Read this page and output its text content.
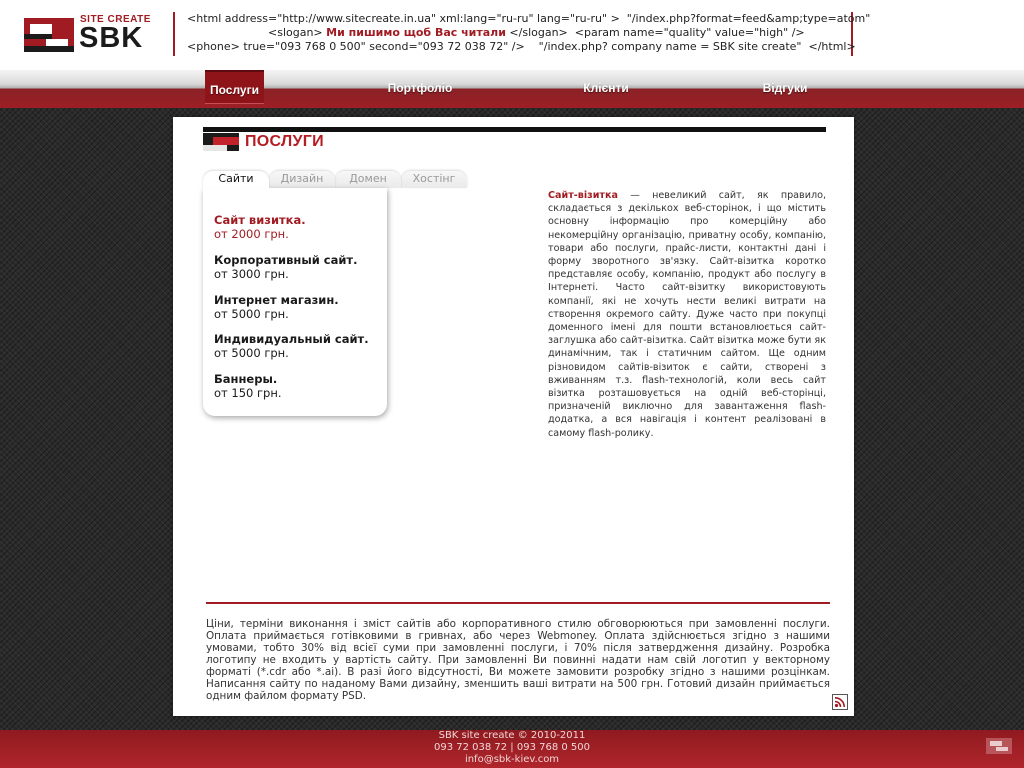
SITE CREATE
SBK
<html address="http://www.sitecreate.in.ua" xml:lang="ru-ru" lang="ru-ru" >  "/index.php?format=feed&amp;type=atom"
<slogan> Ми пишимо щоб Вас читали </slogan>  <param name="quality" value="high" />
<phone> true="093 768 0 500" second="093 72 038 72" />    "/index.php? company name = SBK site create"  </html>
Послуги	Портфоліо	Клієнти	Відгуки
ПОСЛУГИ
Хостінг
Домен
Дизайн
Сайти
Сайт визитка.
от 2000 грн.
Корпоративный сайт.
от 3000 грн.
Интернет магазин.
от 5000 грн.
Индивидуальный сайт.
от 5000 грн.
Баннеры.
от 150 грн.
Сайт-візитка — невеликий сайт, як правило, складається з декількох веб-сторінок, і що містить основну інформацію про комерційну або некомерційну організацію, приватну особу, компанію, товари або послуги, прайс-листи, контактні дані і форму зворотного зв'язку. Сайт-візитка коротко представляє особу, компанію, продукт або послугу в Інтернеті. Часто сайт-візитку використовують компанії, які не хочуть нести великі витрати на створення окремого сайту. Дуже часто при покупці доменного імені для пошти встановлюється сайт-заглушка або сайт-візитка. Сайт візитка може бути як динамічним, так і статичним сайтом. Ще одним різновидом сайтів-візиток є сайти, створені з вживанням т.з. flash-технологій, коли весь сайт візитка розташовується на одній веб-сторінці, призначеній виключно для завантаження flash-додатка, а вся навігація і контент реалізовані в самому flash-ролику.
Ціни, терміни виконання і зміст сайтів або корпоративного стилю обговорюються при замовленні послуги. Оплата приймається готівковими в гривнах, або через Webmoney. Оплата здійснюється згідно з нашими умовами, тобто 30% від всієї суми при замовленні послуги, і 70% після затвердження дизайну. Розробка логотипу не входить у вартість сайту. При замовленні Ви повинні надати нам свій логотип у векторному форматі (*.cdr або *.ai). В разі його відсутності, Ви можете замовити розробку згідно з нашими розцінкам. Написання сайту по наданому Вами дизайну, зменшить ваші витрати на 500 грн. Готовий дизайн приймається одним файлом формату PSD.
SBK site create © 2010-2011
093 72 038 72 | 093 768 0 500
info@sbk-kiev.com
